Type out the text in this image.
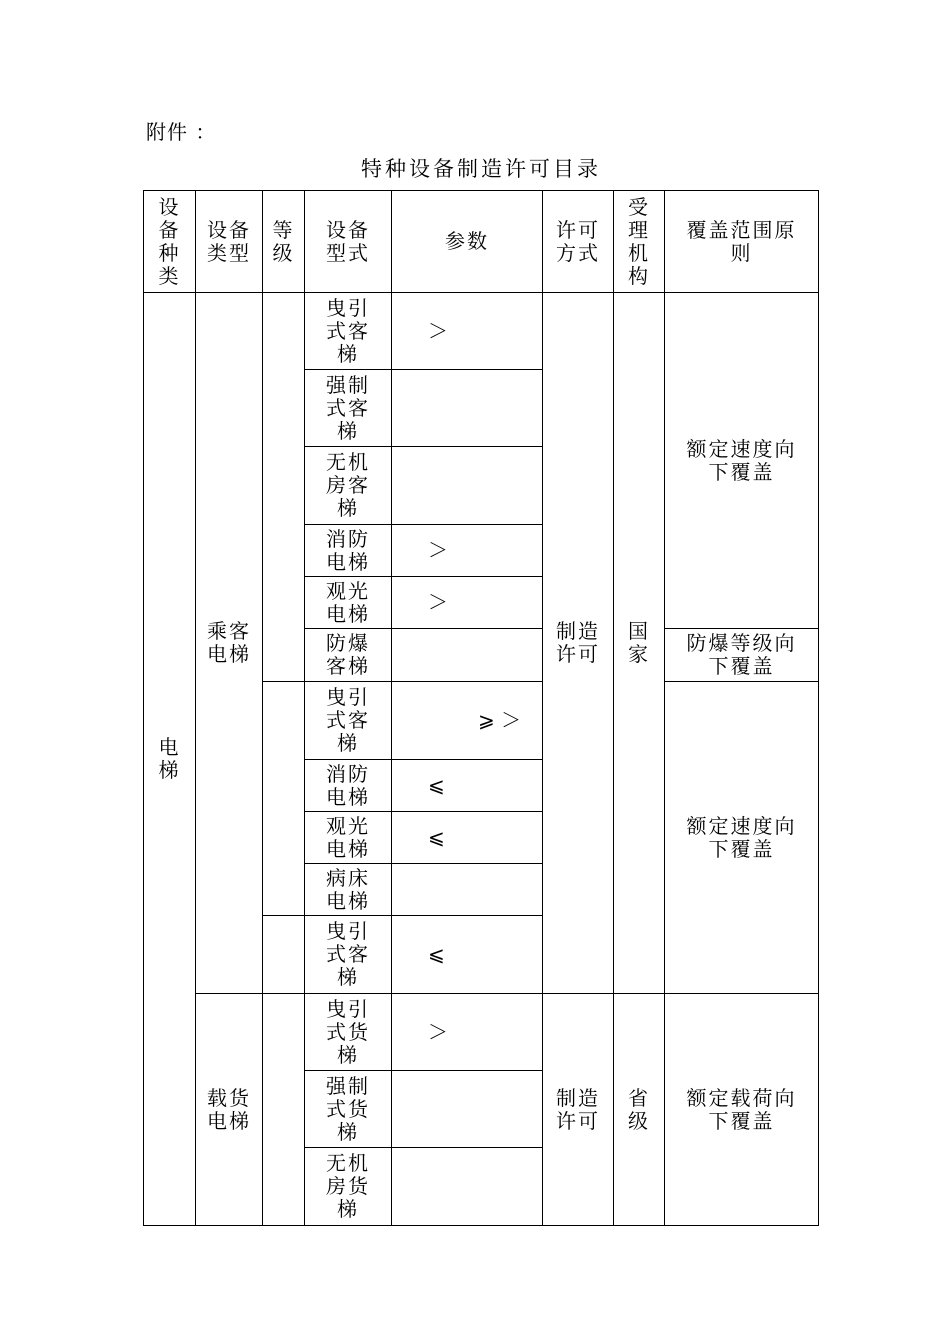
附件 ：
特种设备制造许可目录
设备种类	设备类型	等级	设备型式	参数	许可方式	受理机构	覆盖范围原则

电梯	乘客电梯		曳引式客梯	＞	制造许可	国家	额定速度向下覆盖

			强制式客梯				

			无机房客梯				

			消防电梯	＞			

			观光电梯	＞			

			防爆客梯				防爆等级向下覆盖

			曳引式客梯	⩾ ＞			额定速度向下覆盖

			消防电梯	⩽			

			观光电梯	⩽			

			病床电梯				

			曳引式客梯	⩽			

	载货电梯		曳引式货梯	＞	制造许可	省级	额定载荷向下覆盖

			强制式货梯				

			无机房货梯				
